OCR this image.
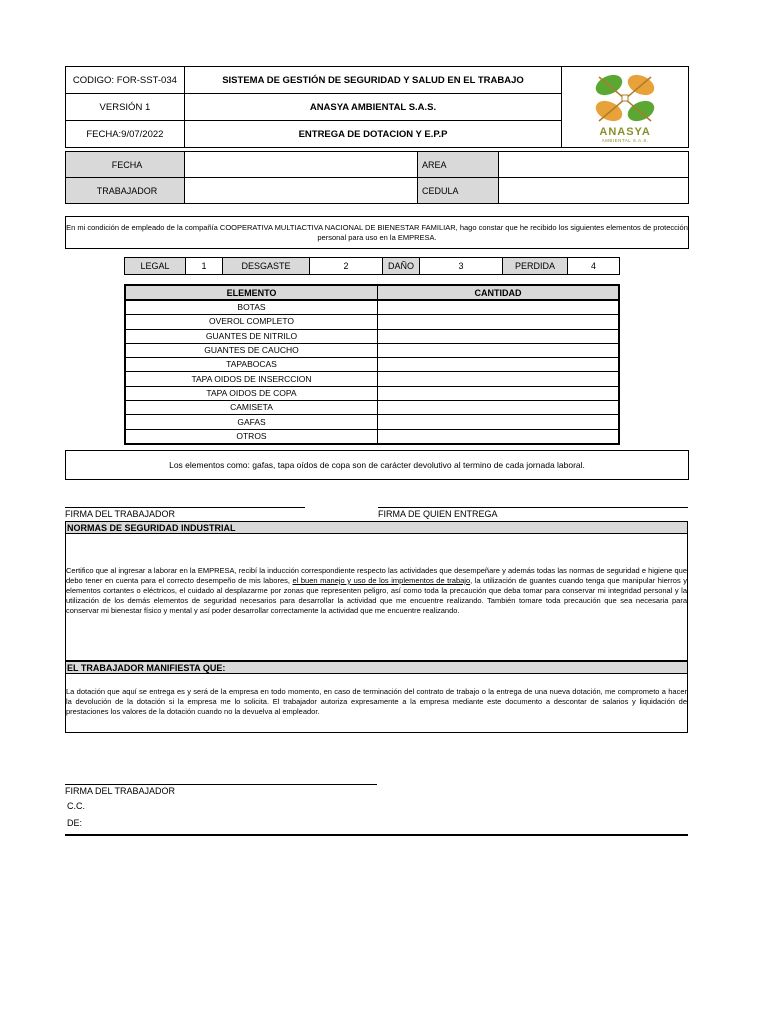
CODIGO: FOR-SST-034	SISTEMA DE GESTIÓN DE SEGURIDAD Y SALUD EN EL TRABAJO	ANASYA
AMBIENTAL S.A.S.

VERSIÓN 1	ANASYA AMBIENTAL S.A.S.	
FECHA:9/07/2022	ENTREGA DE DOTACION Y E.P.P	
FECHA		AREA	
TRABAJADOR		CEDULA	
En mi condición de empleado de la compañía COOPERATIVA MULTIACTIVA NACIONAL DE BIENESTAR FAMILIAR, hago constar que he recibido los siguientes elementos de protección personal para uso en la EMPRESA.
LEGAL	1	DESGASTE	2	DAÑO	3	PERDIDA	4
ELEMENTO	CANTIDAD
BOTAS	
OVEROL COMPLETO	
GUANTES DE NITRILO	
GUANTES DE CAUCHO	
TAPABOCAS	
TAPA OIDOS DE INSERCCION	
TAPA OIDOS DE COPA	
CAMISETA	
GAFAS	
OTROS	
Los elementos como: gafas, tapa oídos de copa son de carácter devolutivo al termino de cada jornada laboral.
FIRMA DEL TRABAJADOR	FIRMA DE QUIEN ENTREGA
NORMAS DE SEGURIDAD INDUSTRIAL
Certifico que al ingresar a laborar en la EMPRESA, recibí la inducción correspondiente respecto las actividades que desempeñare y además todas las normas de seguridad e higiene que debo tener en cuenta para el correcto desempeño de mis labores, el buen manejo y uso de los implementos de trabajo, la utilización de guantes cuando tenga que manipular hierros y elementos cortantes o eléctricos, el cuidado al desplazarme por zonas que representen peligro, así como toda la precaución que deba tomar para conservar mi integridad personal y la utilización de los demás elementos de seguridad necesarios para desarrollar la actividad que me encuentre realizando. También tomare toda precaución que sea necesaria para conservar mi bienestar físico y mental y así poder desarrollar correctamente la actividad que me encuentre realizando.
EL TRABAJADOR MANIFIESTA QUE:
La dotación que aquí se entrega es y será de la empresa en todo momento, en caso de terminación del contrato de trabajo o la entrega de una nueva dotación, me comprometo a hacer la devolución de la dotación si la empresa me lo solicita. El trabajador autoriza expresamente a la empresa mediante este documento a descontar de salarios y liquidación de prestaciones los valores de la dotación cuando no la devuelva al empleador.
FIRMA DEL TRABAJADOR
C.C.
DE:
